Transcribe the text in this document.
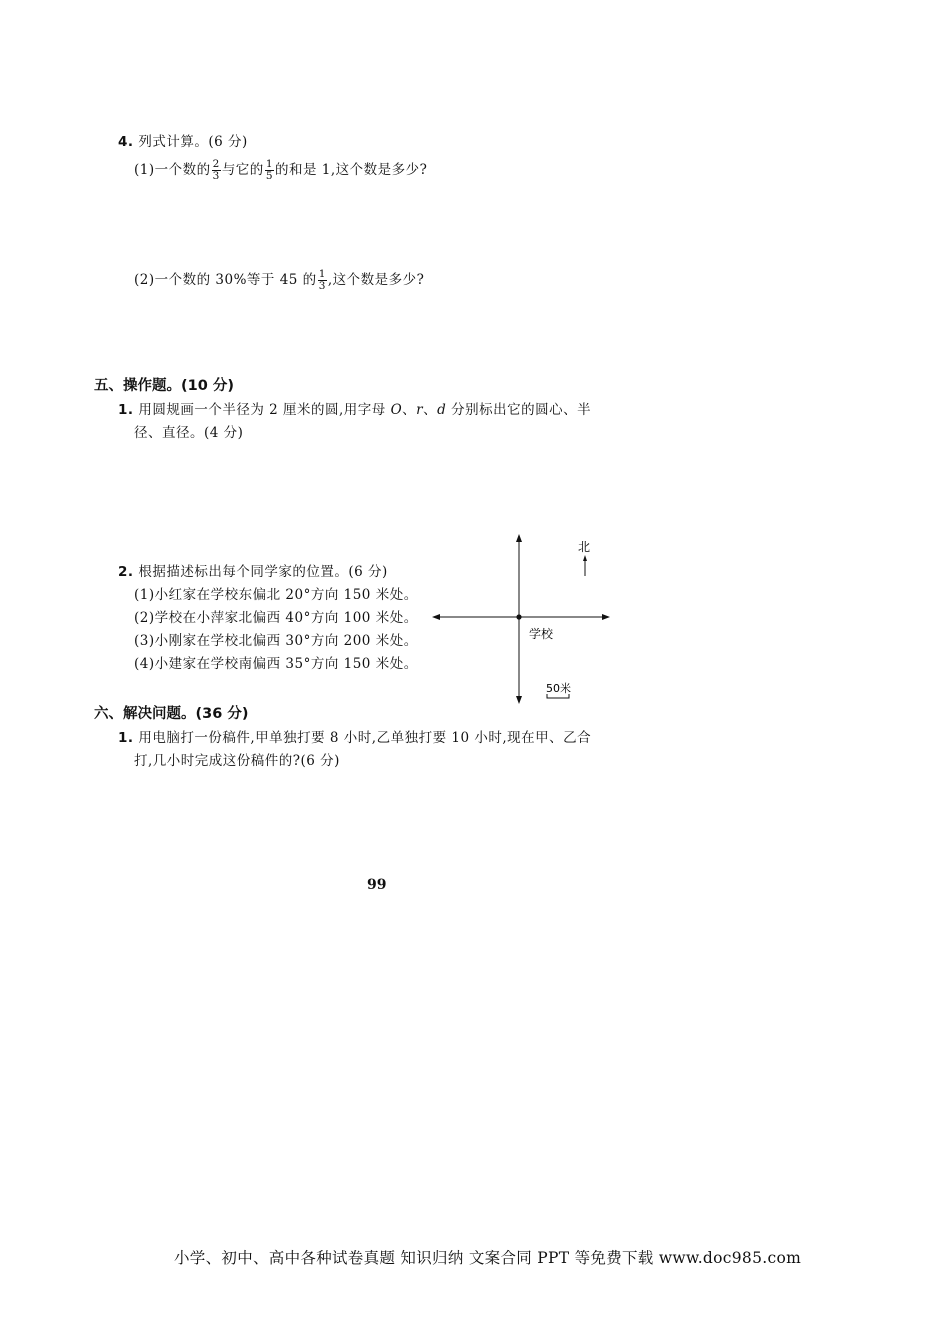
4. 列式计算。(6 分)
(1)一个数的 $\frac{2}{3}$ 与它的 $\frac{1}{5}$ 的和是 1,这个数是多少?
(2)一个数的 30%等于 45 的 $\frac{1}{3}$ ,这个数是多少?
五、操作题。(10 分)
1. 用圆规画一个半径为 2 厘米的圆,用字母 O、r、d 分别标出它的圆心、半
径、直径。(4 分)
2. 根据描述标出每个同学家的位置。(6 分)
(1)小红家在学校东偏北 20°方向 150 米处。
(2)学校在小萍家北偏西 40°方向 100 米处。
(3)小刚家在学校北偏西 30°方向 200 米处。
(4)小建家在学校南偏西 35°方向 150 米处。
北
学校
50米
六、解决问题。(36 分)
1. 用电脑打一份稿件,甲单独打要 8 小时,乙单独打要 10 小时,现在甲、乙合
打,几小时完成这份稿件的?(6 分)
99
小学、初中、高中各种试卷真题 知识归纳 文案合同 PPT 等免费下载 www.doc985.com
